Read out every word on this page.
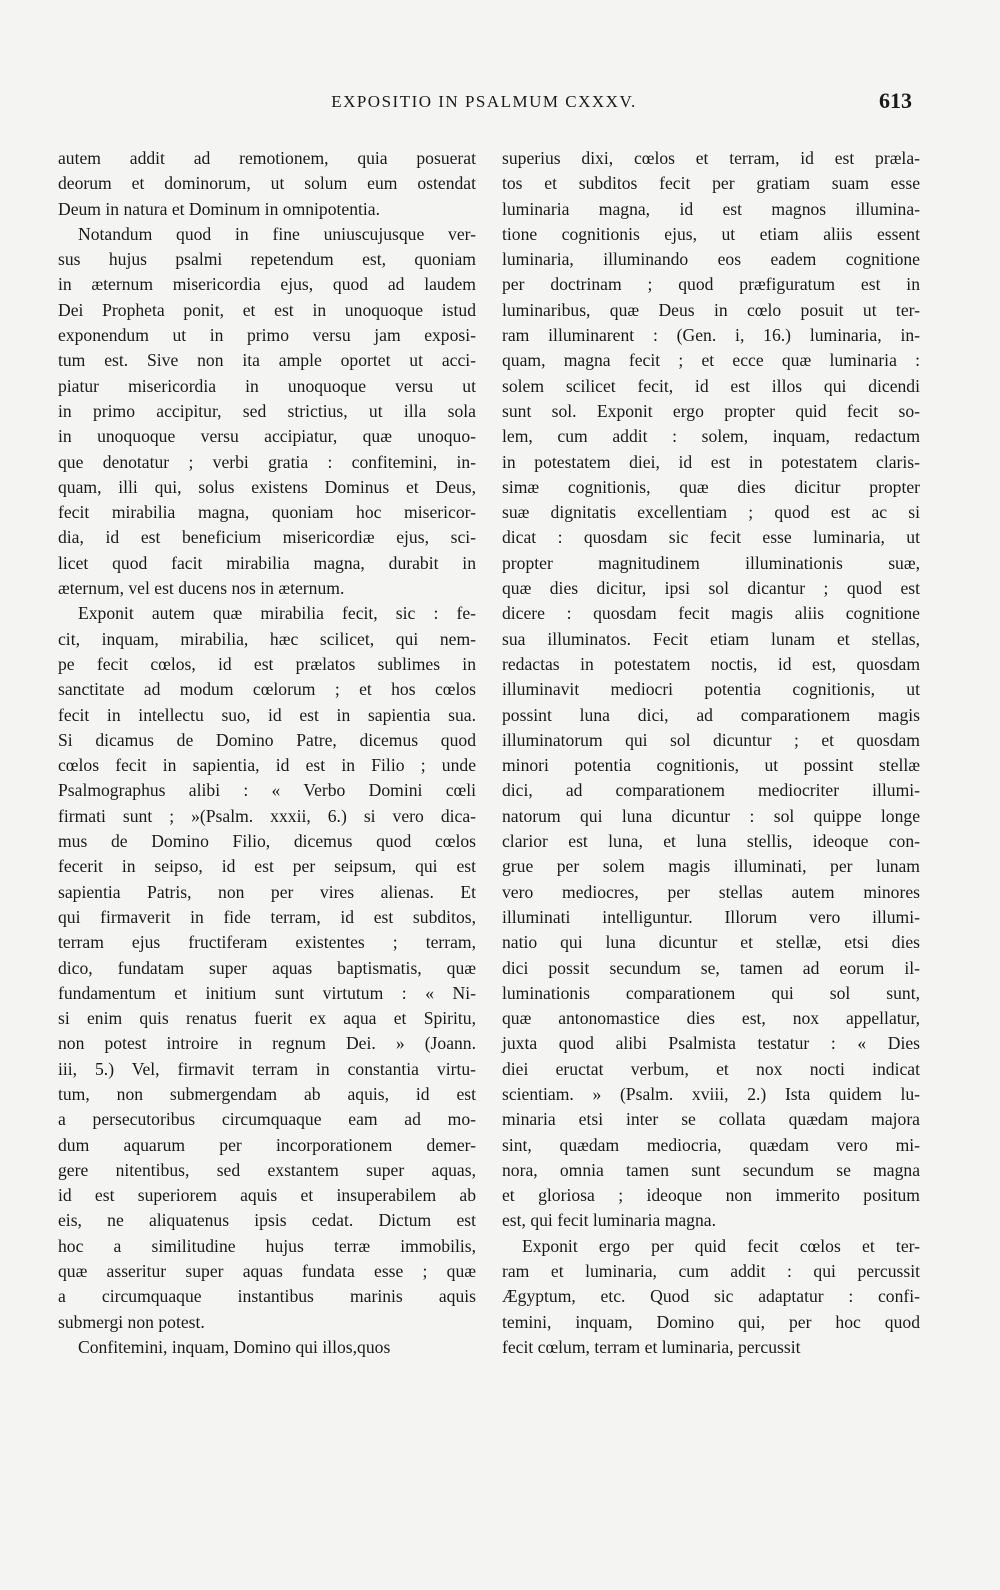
EXPOSITIO IN PSALMUM CXXXV.	613
autem addit ad remotionem, quia posuerat
deorum et dominorum, ut solum eum ostendat
Deum in natura et Dominum in omnipotentia.
Notandum quod in fine uniuscujusque ver-
sus hujus psalmi repetendum est, quoniam
in æternum misericordia ejus, quod ad laudem
Dei Propheta ponit, et est in unoquoque istud
exponendum ut in primo versu jam exposi-
tum est. Sive non ita ample oportet ut acci-
piatur misericordia in unoquoque versu ut
in primo accipitur, sed strictius, ut illa sola
in unoquoque versu accipiatur, quæ unoquo-
que denotatur ; verbi gratia : confitemini, in-
quam, illi qui, solus existens Dominus et Deus,
fecit mirabilia magna, quoniam hoc misericor-
dia, id est beneficium misericordiæ ejus, sci-
licet quod facit mirabilia magna, durabit in
æternum, vel est ducens nos in æternum.
Exponit autem quæ mirabilia fecit, sic : fe-
cit, inquam, mirabilia, hæc scilicet, qui nem-
pe fecit cœlos, id est prælatos sublimes in
sanctitate ad modum cœlorum ; et hos cœlos
fecit in intellectu suo, id est in sapientia sua.
Si dicamus de Domino Patre, dicemus quod
cœlos fecit in sapientia, id est in Filio ; unde
Psalmographus alibi : « Verbo Domini cœli
firmati sunt ; »(Psalm. xxxii, 6.) si vero dica-
mus de Domino Filio, dicemus quod cœlos
fecerit in seipso, id est per seipsum, qui est
sapientia Patris, non per vires alienas. Et
qui firmaverit in fide terram, id est subditos,
terram ejus fructiferam existentes ; terram,
dico, fundatam super aquas baptismatis, quæ
fundamentum et initium sunt virtutum : « Ni-
si enim quis renatus fuerit ex aqua et Spiritu,
non potest introire in regnum Dei. » (Joann.
iii, 5.) Vel, firmavit terram in constantia virtu-
tum, non submergendam ab aquis, id est
a persecutoribus circumquaque eam ad mo-
dum aquarum per incorporationem demer-
gere nitentibus, sed exstantem super aquas,
id est superiorem aquis et insuperabilem ab
eis, ne aliquatenus ipsis cedat. Dictum est
hoc a similitudine hujus terræ immobilis,
quæ asseritur super aquas fundata esse ; quæ
a circumquaque instantibus marinis aquis
submergi non potest.
Confitemini, inquam, Domino qui illos,quos
superius dixi, cœlos et terram, id est præla-
tos et subditos fecit per gratiam suam esse
luminaria magna, id est magnos illumina-
tione cognitionis ejus, ut etiam aliis essent
luminaria, illuminando eos eadem cognitione
per doctrinam ; quod præfiguratum est in
luminaribus, quæ Deus in cœlo posuit ut ter-
ram illuminarent : (Gen. i, 16.) luminaria, in-
quam, magna fecit ; et ecce quæ luminaria :
solem scilicet fecit, id est illos qui dicendi
sunt sol. Exponit ergo propter quid fecit so-
lem, cum addit : solem, inquam, redactum
in potestatem diei, id est in potestatem claris-
simæ cognitionis, quæ dies dicitur propter
suæ dignitatis excellentiam ; quod est ac si
dicat : quosdam sic fecit esse luminaria, ut
propter magnitudinem illuminationis suæ,
quæ dies dicitur, ipsi sol dicantur ; quod est
dicere : quosdam fecit magis aliis cognitione
sua illuminatos. Fecit etiam lunam et stellas,
redactas in potestatem noctis, id est, quosdam
illuminavit mediocri potentia cognitionis, ut
possint luna dici, ad comparationem magis
illuminatorum qui sol dicuntur ; et quosdam
minori potentia cognitionis, ut possint stellæ
dici, ad comparationem mediocriter illumi-
natorum qui luna dicuntur : sol quippe longe
clarior est luna, et luna stellis, ideoque con-
grue per solem magis illuminati, per lunam
vero mediocres, per stellas autem minores
illuminati intelliguntur. Illorum vero illumi-
natio qui luna dicuntur et stellæ, etsi dies
dici possit secundum se, tamen ad eorum il-
luminationis comparationem qui sol sunt,
quæ antonomastice dies est, nox appellatur,
juxta quod alibi Psalmista testatur : « Dies
diei eructat verbum, et nox nocti indicat
scientiam. » (Psalm. xviii, 2.) Ista quidem lu-
minaria etsi inter se collata quædam majora
sint, quædam mediocria, quædam vero mi-
nora, omnia tamen sunt secundum se magna
et gloriosa ; ideoque non immerito positum
est, qui fecit luminaria magna.
Exponit ergo per quid fecit cœlos et ter-
ram et luminaria, cum addit : qui percussit
Ægyptum, etc. Quod sic adaptatur : confi-
temini, inquam, Domino qui, per hoc quod
fecit cœlum, terram et luminaria, percussit
